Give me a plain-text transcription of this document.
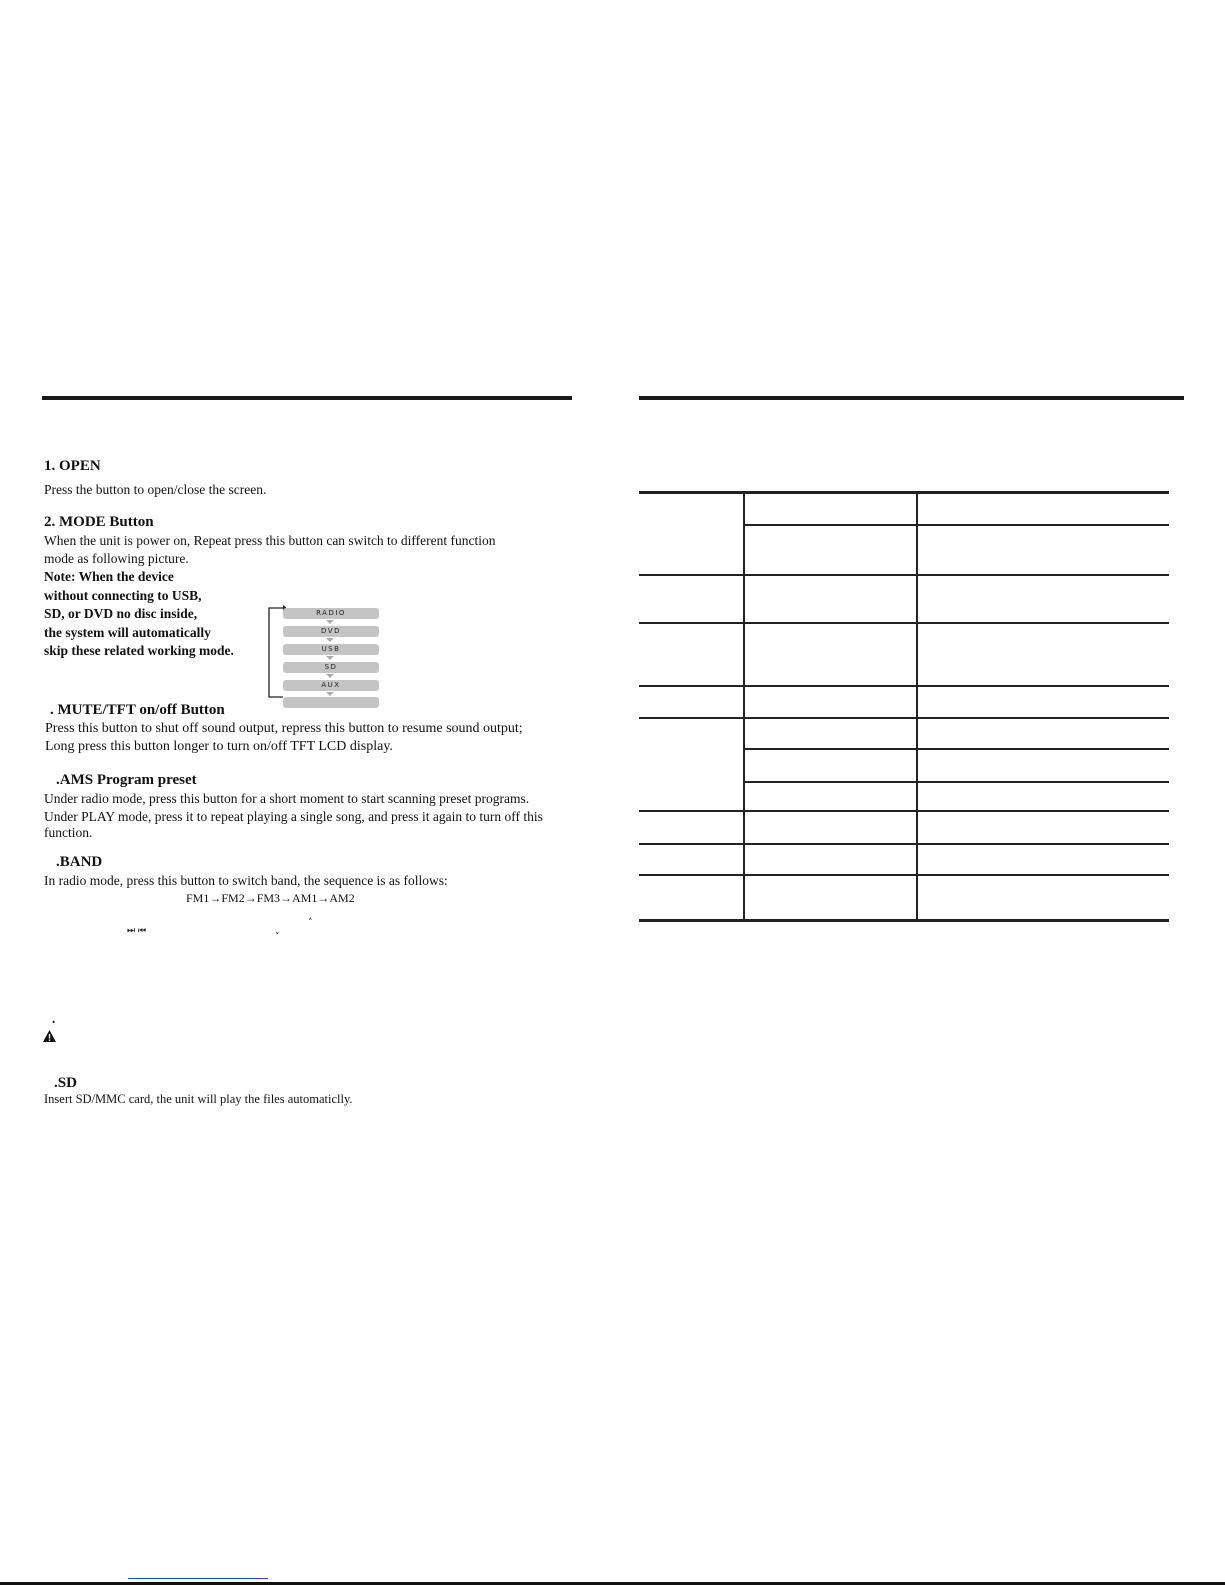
1. OPEN
Press the button to open/close the screen.
2. MODE Button
When the unit is power on, Repeat press this button can switch to different function
mode as following picture.
Note: When the device
without connecting to USB,
SD, or DVD no disc inside,
the system will automatically
skip these related working mode.
RADIO
DVD
USB
SD
AUX
. MUTE/TFT on/off Button
Press this button to shut off sound output, repress this button to resume sound output;
Long press this button longer to turn on/off TFT LCD display.
.AMS Program preset
Under radio mode, press this button for a short moment to start scanning preset programs.
Under PLAY mode, press it to repeat playing a single song, and press it again to turn off this
function.
.BAND
In radio mode, press this button to switch band, the sequence is as follows:
FM1→FM2→FM3→AM1→AM2
⏭ ⏮
˄
˅
.
.SD
Insert SD/MMC card, the unit will play the files automaticlly.
